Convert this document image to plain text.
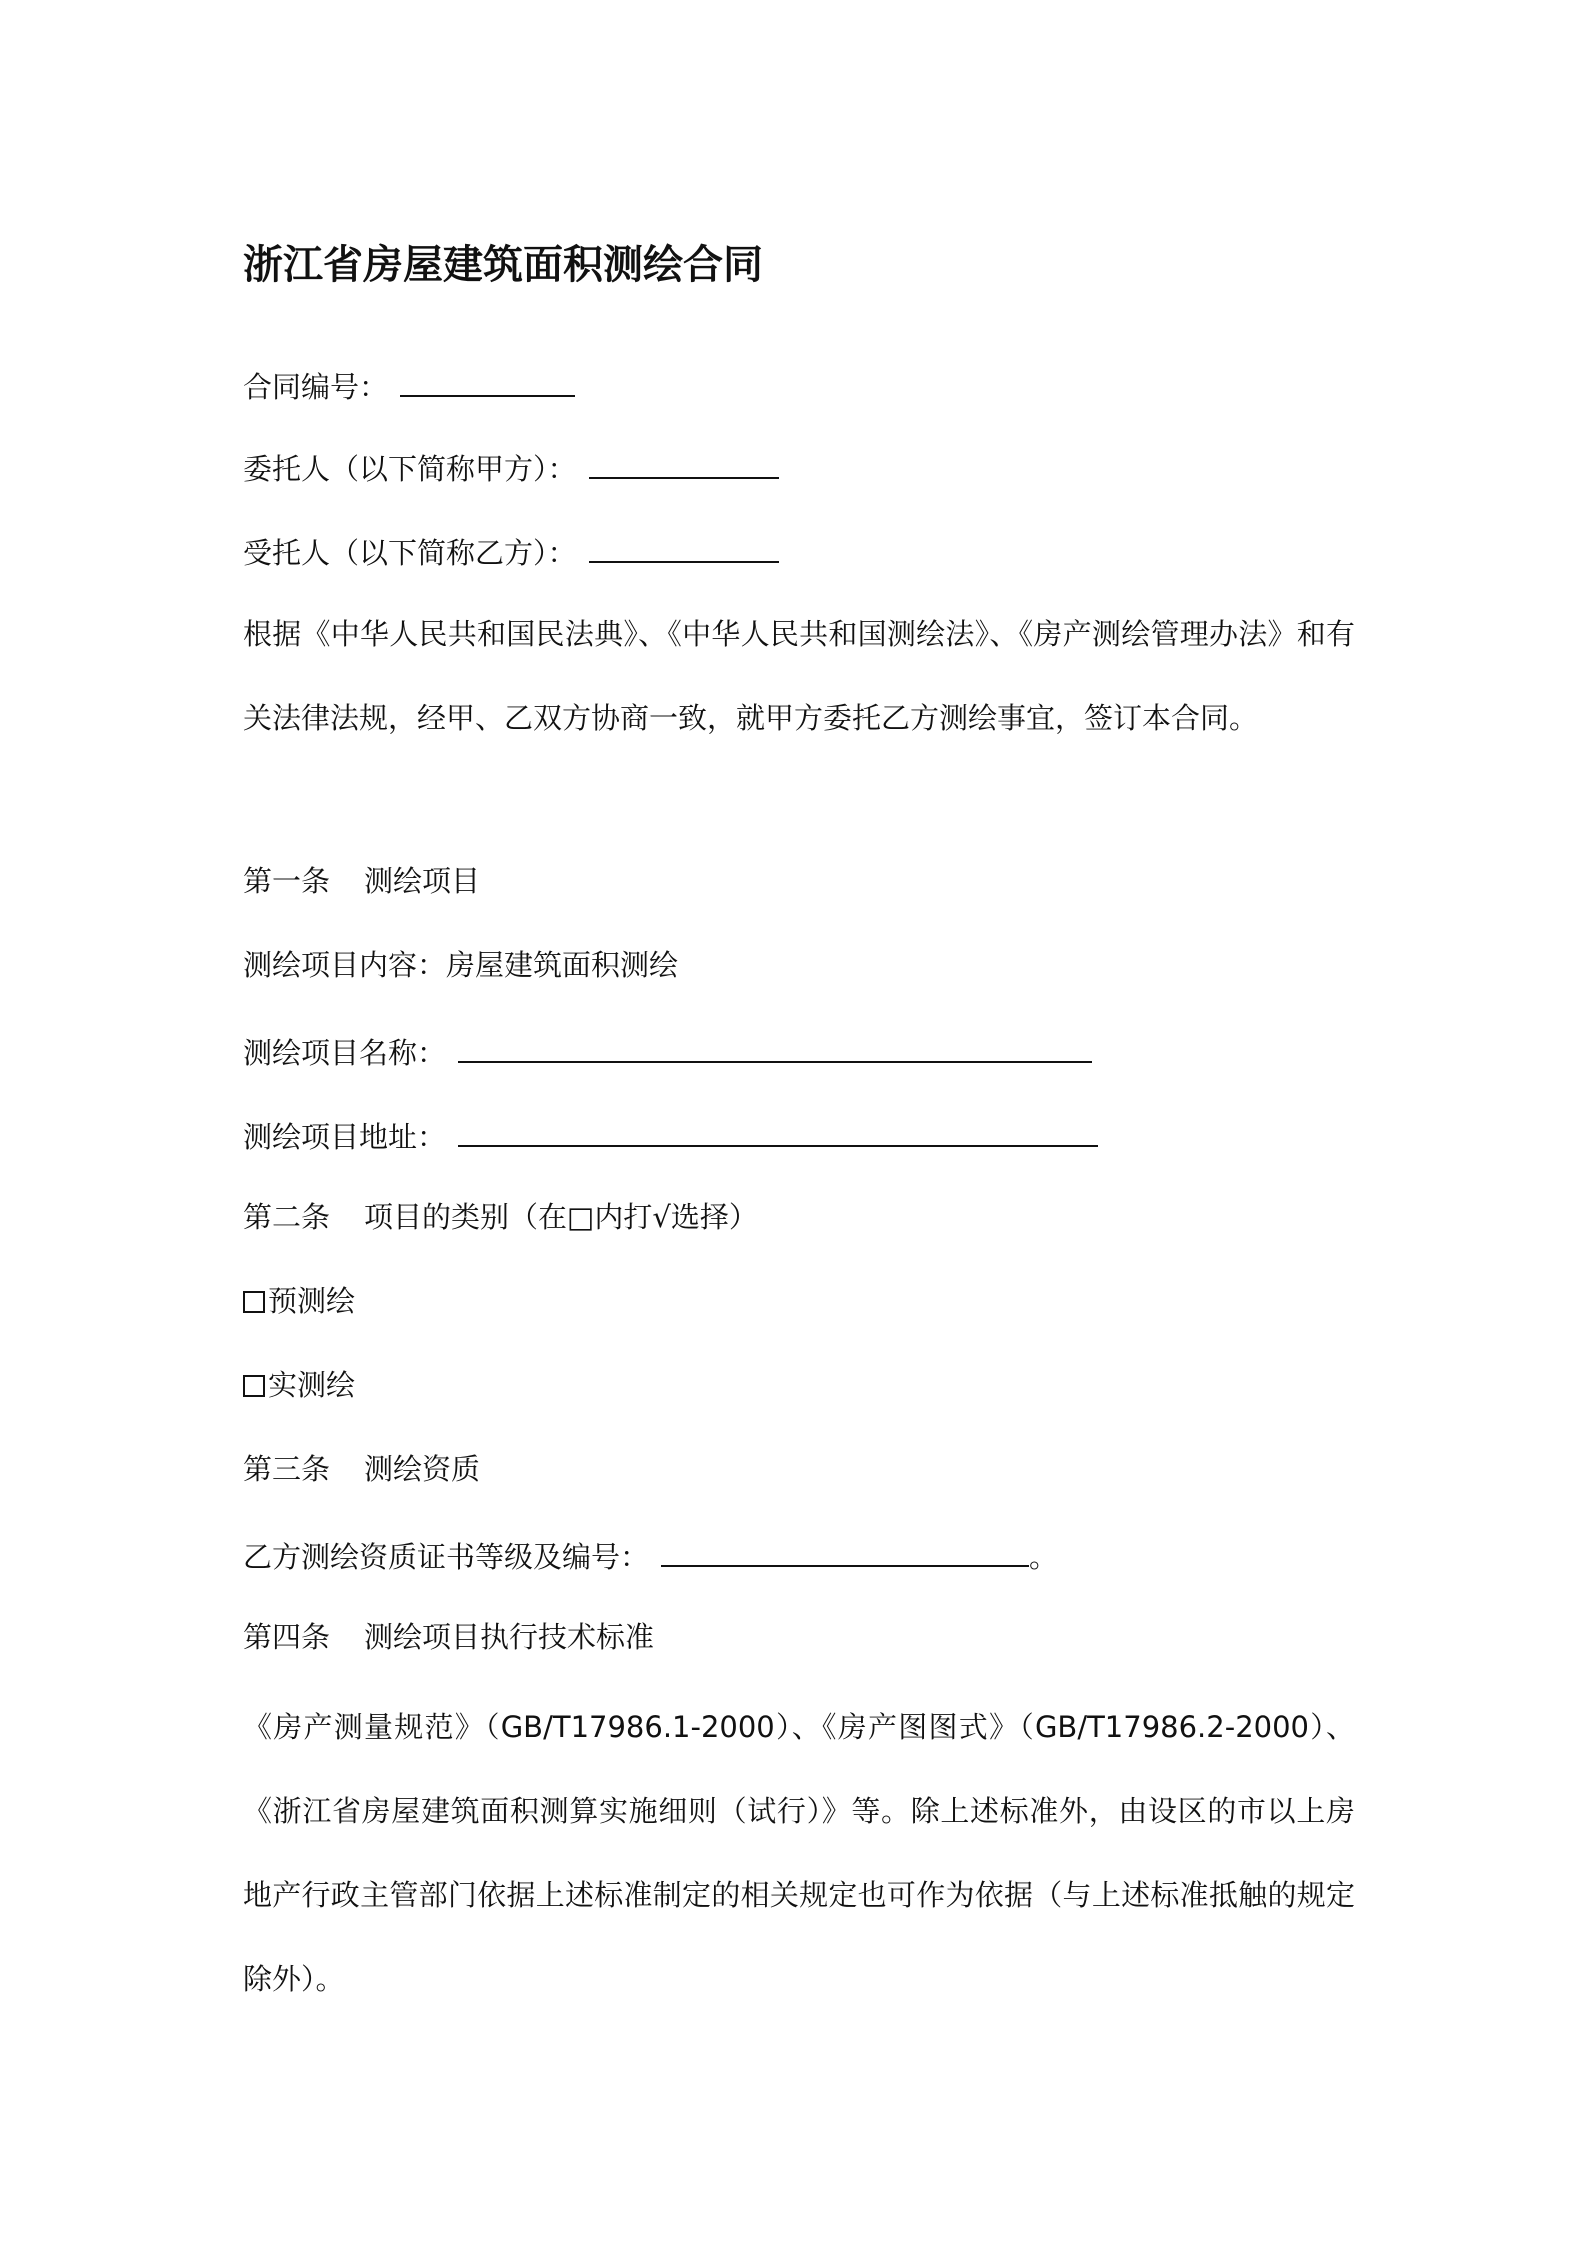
浙江省房屋建筑面积测绘合同
合同编号：
委托人（以下简称甲方）：
受托人（以下简称乙方）：
根据《中华人民共和国民法典》、《中华人民共和国测绘法》、《房产测绘管理办法》和有关法律法规，经甲、乙双方协商一致，就甲方委托乙方测绘事宜，签订本合同。
第一条 测绘项目
测绘项目内容：房屋建筑面积测绘
测绘项目名称：
测绘项目地址：
第二条 项目的类别（在□内打√选择）
预测绘
实测绘
第三条 测绘资质
乙方测绘资质证书等级及编号：	。
第四条 测绘项目执行技术标准
《房产测量规范》（GB/T17986.1-2000）、《房产图图式》（GB/T17986.2-2000）、《浙江省房屋建筑面积测算实施细则（试行）》等。除上述标准外，由设区的市以上房地产行政主管部门依据上述标准制定的相关规定也可作为依据（与上述标准抵触的规定除外）。
